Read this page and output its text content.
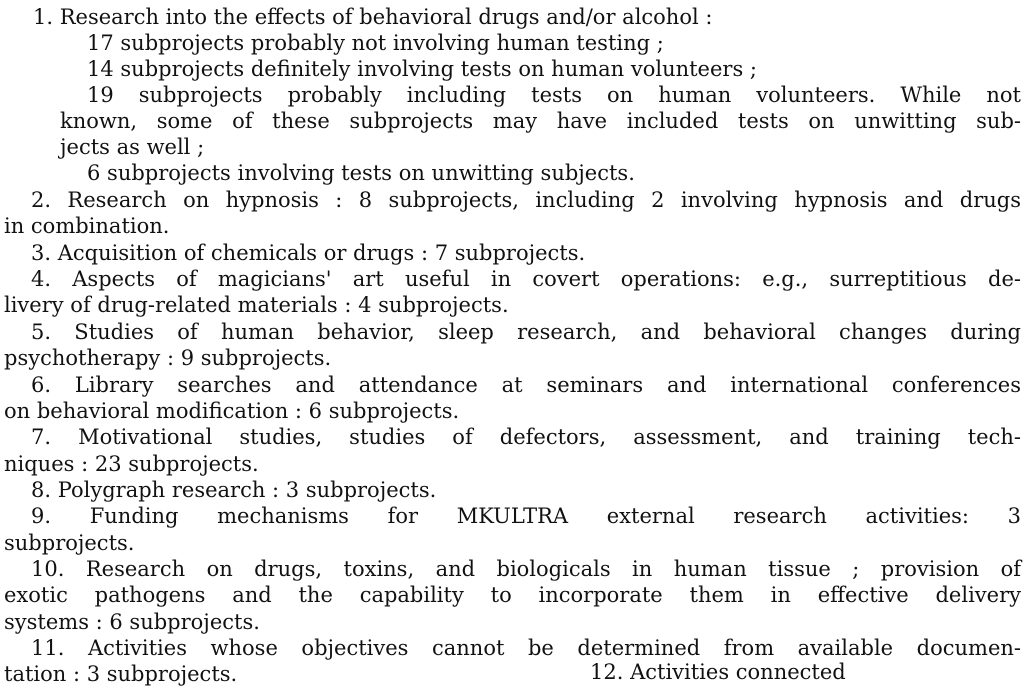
1. Research into the effects of behavioral drugs and/or alcohol :
17 subprojects probably not involving human testing ;
14 subprojects definitely involving tests on human volunteers ;
19 subprojects probably including tests on human volunteers. While not
known, some of these subprojects may have included tests on unwitting sub-
jects as well ;
6 subprojects involving tests on unwitting subjects.
2. Research on hypnosis : 8 subprojects, including 2 involving hypnosis and drugs
in combination.
3. Acquisition of chemicals or drugs : 7 subprojects.
4. Aspects of magicians' art useful in covert operations: e.g., surreptitious de-
livery of drug-related materials : 4 subprojects.
5. Studies of human behavior, sleep research, and behavioral changes during
psychotherapy : 9 subprojects.
6. Library searches and attendance at seminars and international conferences
on behavioral modification : 6 subprojects.
7. Motivational studies, studies of defectors, assessment, and training tech-
niques : 23 subprojects.
8. Polygraph research : 3 subprojects.
9. Funding mechanisms for MKULTRA external research activities: 3
subprojects.
10. Research on drugs, toxins, and biologicals in human tissue ; provision of
exotic pathogens and the capability to incorporate them in effective delivery
systems : 6 subprojects.
11. Activities whose objectives cannot be determined from available documen-
tation : 3 subprojects.	12. Activities connected
